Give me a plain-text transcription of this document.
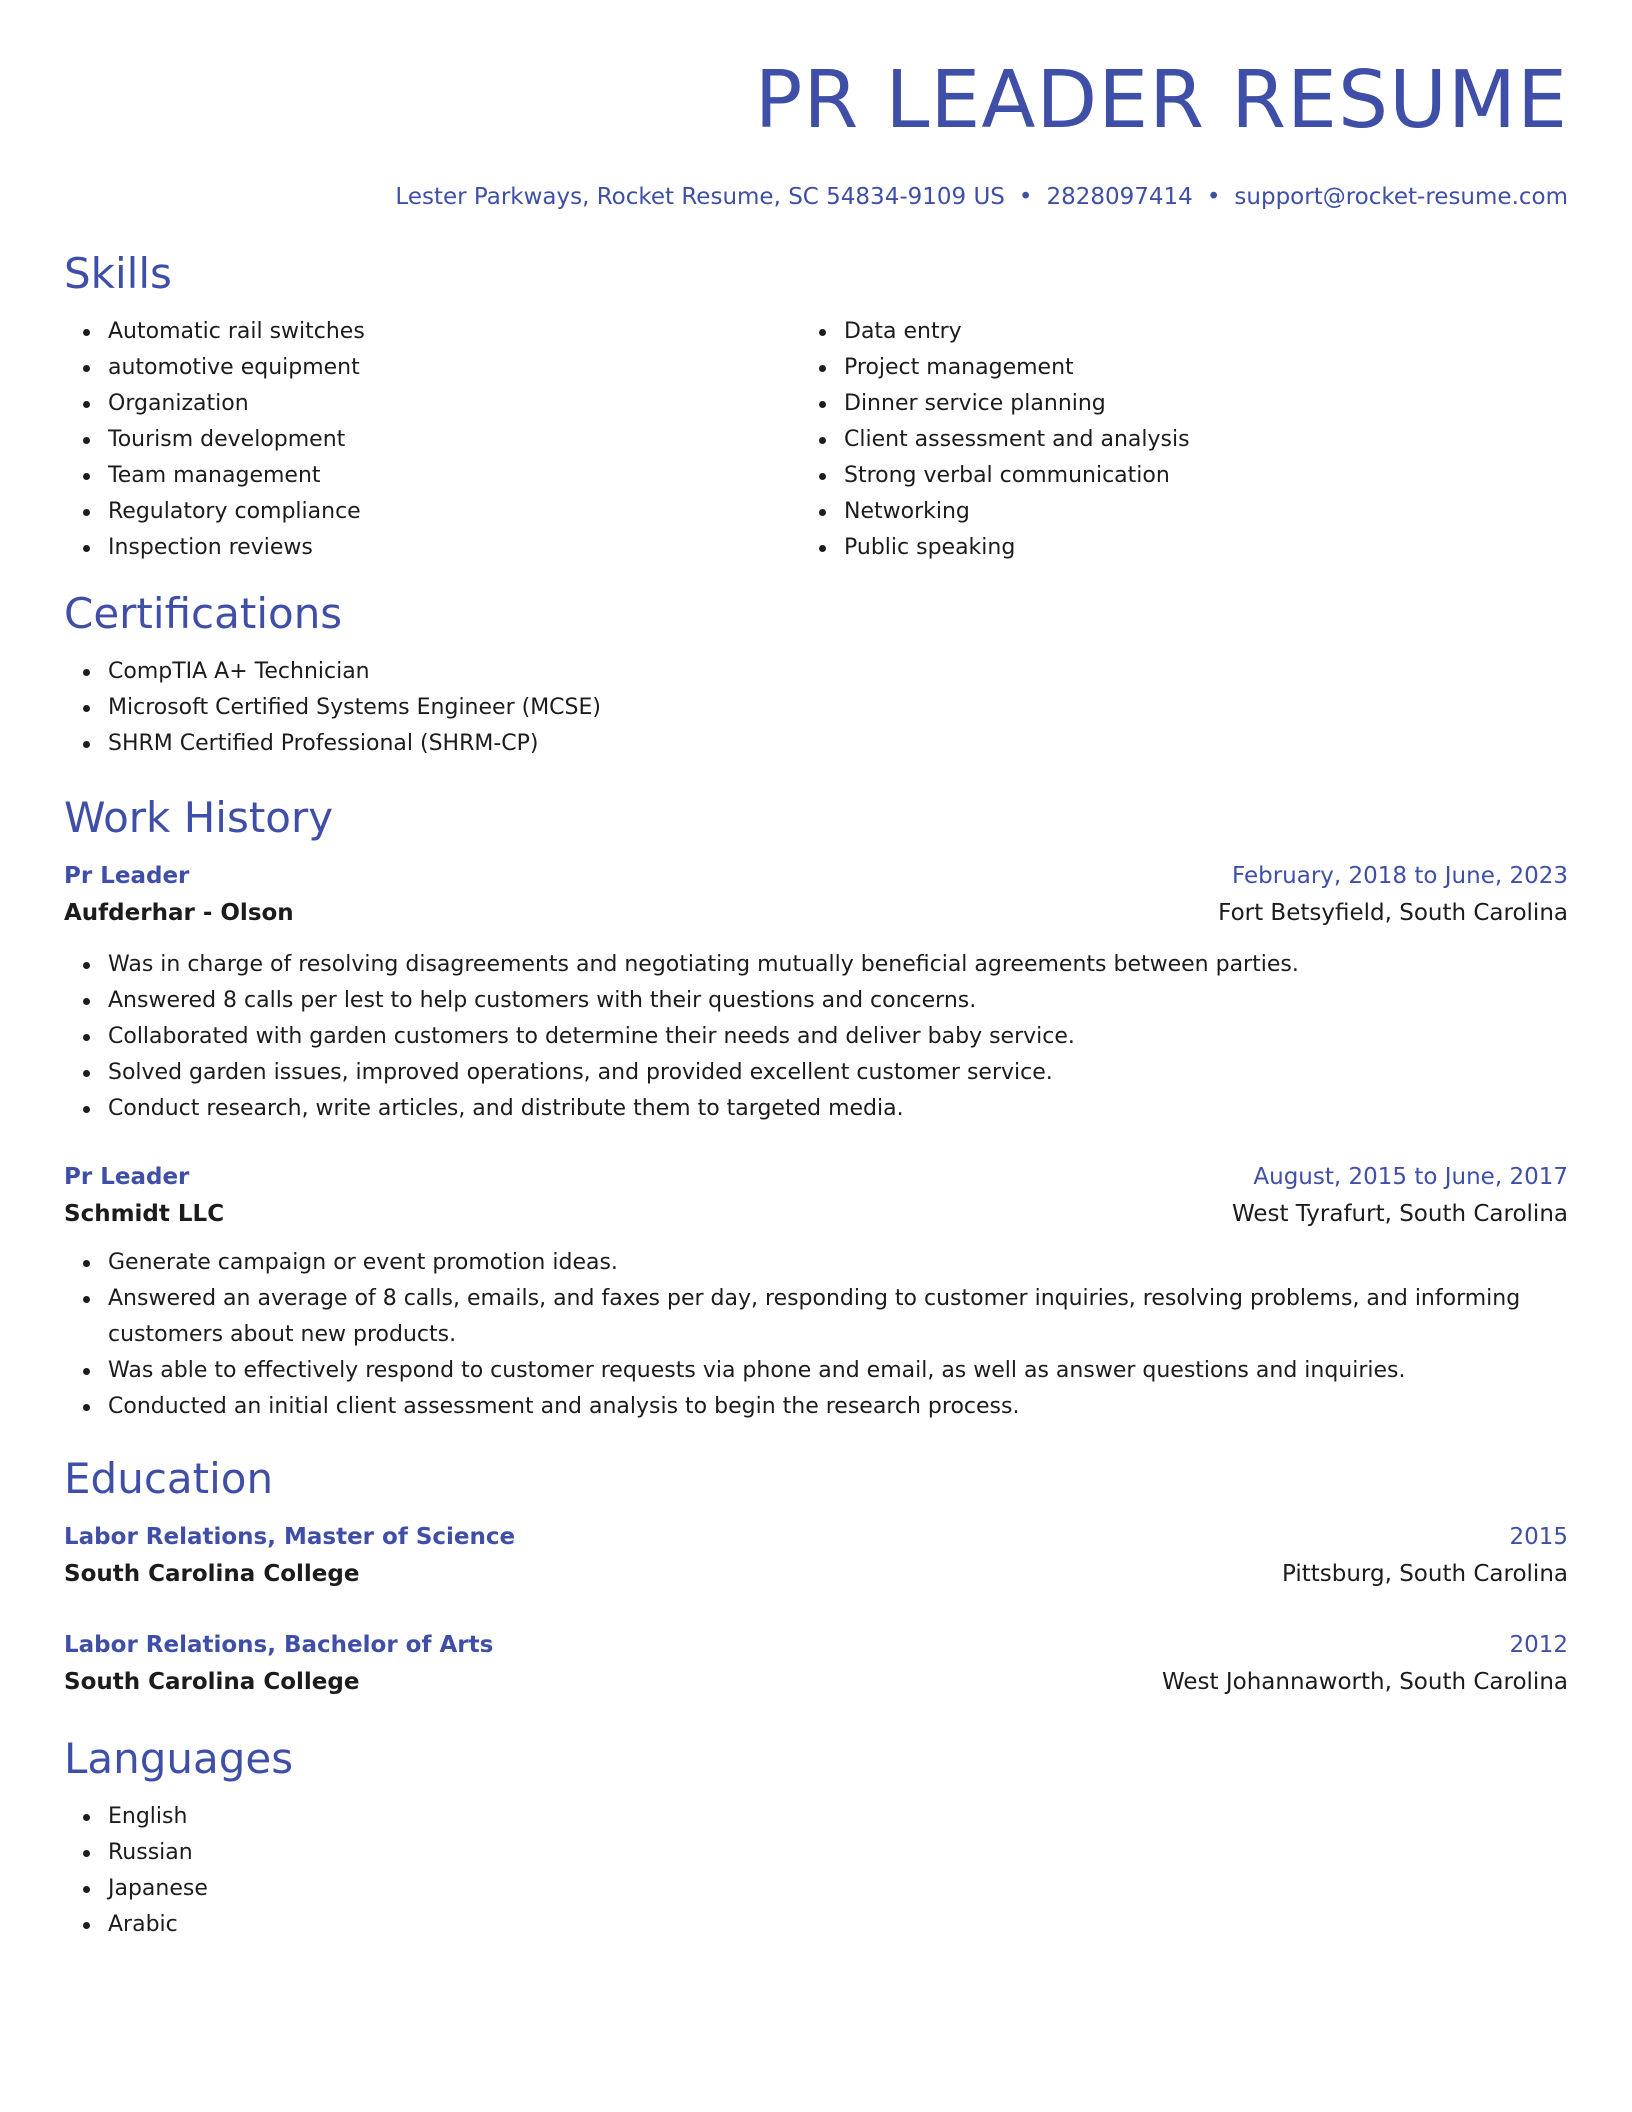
PR LEADER RESUME
Lester Parkways, Rocket Resume, SC 54834-9109 US • 2828097414 • support@rocket-resume.com
Skills
Automatic rail switches
automotive equipment
Organization
Tourism development
Team management
Regulatory compliance
Inspection reviews
Data entry
Project management
Dinner service planning
Client assessment and analysis
Strong verbal communication
Networking
Public speaking
Certifications
CompTIA A+ Technician
Microsoft Certified Systems Engineer (MCSE)
SHRM Certified Professional (SHRM-CP)
Work History
Pr Leader	February, 2018 to June, 2023
Aufderhar - Olson	Fort Betsyfield, South Carolina
Was in charge of resolving disagreements and negotiating mutually beneficial agreements between parties.
Answered 8 calls per lest to help customers with their questions and concerns.
Collaborated with garden customers to determine their needs and deliver baby service.
Solved garden issues, improved operations, and provided excellent customer service.
Conduct research, write articles, and distribute them to targeted media.
Pr Leader	August, 2015 to June, 2017
Schmidt LLC	West Tyrafurt, South Carolina
Generate campaign or event promotion ideas.
Answered an average of 8 calls, emails, and faxes per day, responding to customer inquiries, resolving problems, and informing customers about new products.
Was able to effectively respond to customer requests via phone and email, as well as answer questions and inquiries.
Conducted an initial client assessment and analysis to begin the research process.
Education
Labor Relations, Master of Science	2015
South Carolina College	Pittsburg, South Carolina
Labor Relations, Bachelor of Arts	2012
South Carolina College	West Johannaworth, South Carolina
Languages
English
Russian
Japanese
Arabic
